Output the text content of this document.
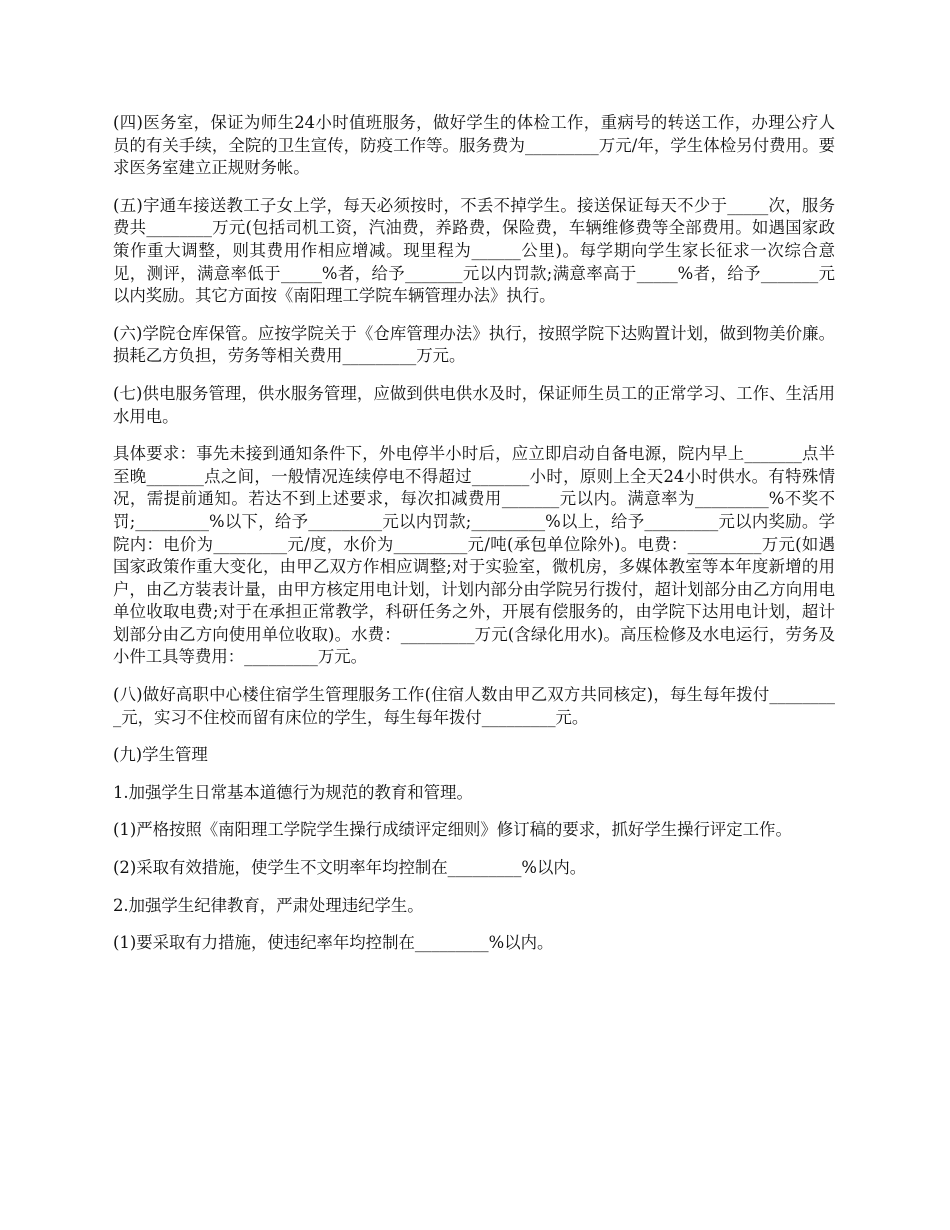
(四)医务室，保证为师生24小时值班服务，做好学生的体检工作，重病号的转送工作，办理公疗人员的有关手续，全院的卫生宣传，防疫工作等。服务费为_________万元/年，学生体检另付费用。要求医务室建立正规财务帐。

(五)宇通车接送教工子女上学，每天必须按时，不丢不掉学生。接送保证每天不少于_____次，服务费共________万元(包括司机工资，汽油费，养路费，保险费，车辆维修费等全部费用。如遇国家政策作重大调整，则其费用作相应增减。现里程为______公里)。每学期向学生家长征求一次综合意见，测评，满意率低于_____%者，给予_______元以内罚款;满意率高于_____%者，给予_______元以内奖励。其它方面按《南阳理工学院车辆管理办法》执行。

(六)学院仓库保管。应按学院关于《仓库管理办法》执行，按照学院下达购置计划，做到物美价廉。损耗乙方负担，劳务等相关费用_________万元。

(七)供电服务管理，供水服务管理，应做到供电供水及时，保证师生员工的正常学习、工作、生活用水用电。

具体要求：事先未接到通知条件下，外电停半小时后，应立即启动自备电源，院内早上_______点半至晚_______点之间，一般情况连续停电不得超过_______小时，原则上全天24小时供水。有特殊情况，需提前通知。若达不到上述要求，每次扣减费用_______元以内。满意率为_________%不奖不罚;_________%以下，给予_________元以内罚款;_________%以上，给予_________元以内奖励。学院内：电价为_________元/度，水价为_________元/吨(承包单位除外)。电费：_________万元(如遇国家政策作重大变化，由甲乙双方作相应调整;对于实验室，微机房，多媒体教室等本年度新增的用户，由乙方装表计量，由甲方核定用电计划，计划内部分由学院另行拨付，超计划部分由乙方向用电单位收取电费;对于在承担正常教学，科研任务之外，开展有偿服务的，由学院下达用电计划，超计划部分由乙方向使用单位收取)。水费：_________万元(含绿化用水)。高压检修及水电运行，劳务及小件工具等费用：_________万元。

(八)做好高职中心楼住宿学生管理服务工作(住宿人数由甲乙双方共同核定)，每生每年拨付_________元，实习不住校而留有床位的学生，每生每年拨付_________元。

(九)学生管理

1.加强学生日常基本道德行为规范的教育和管理。

(1)严格按照《南阳理工学院学生操行成绩评定细则》修订稿的要求，抓好学生操行评定工作。

(2)采取有效措施，使学生不文明率年均控制在_________%以内。

2.加强学生纪律教育，严肃处理违纪学生。

(1)要采取有力措施，使违纪率年均控制在_________%以内。
